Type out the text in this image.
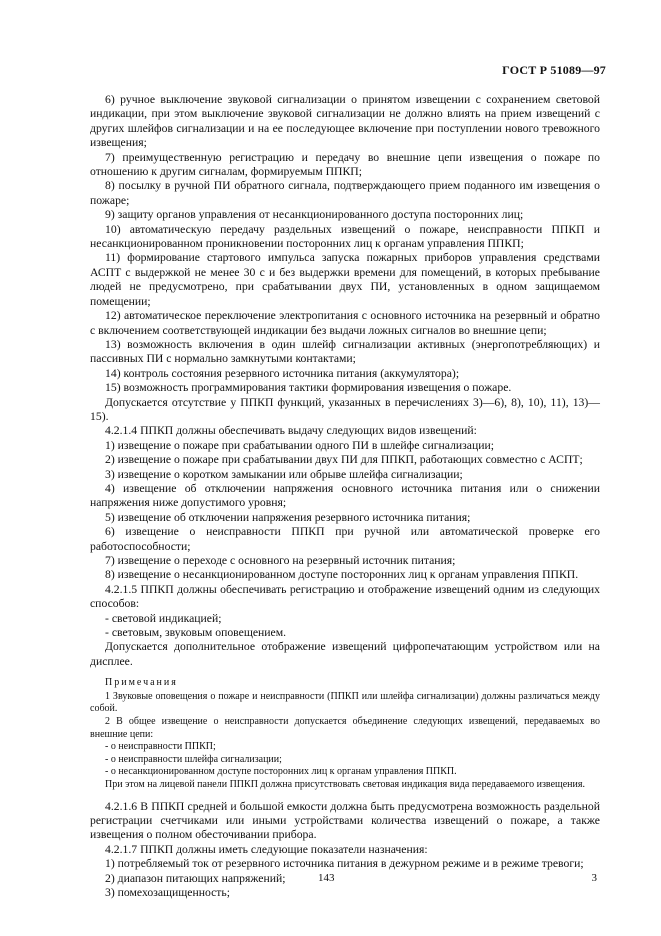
ГОСТ Р 51089—97

6) ручное выключение звуковой сигнализации о принятом извещении с сохранением световой индикации, при этом выключение звуковой сигнализации не должно влиять на прием извещений с других шлейфов сигнализации и на ее последующее включение при поступлении нового тревожного извещения;

7) преимущественную регистрацию и передачу во внешние цепи извещения о пожаре по отношению к другим сигналам, формируемым ППКП;

8) посылку в ручной ПИ обратного сигнала, подтверждающего прием поданного им извещения о пожаре;

9) защиту органов управления от несанкционированного доступа посторонних лиц;

10) автоматическую передачу раздельных извещений о пожаре, неисправности ППКП и несанкционированном проникновении посторонних лиц к органам управления ППКП;

11) формирование стартового импульса запуска пожарных приборов управления средствами АСПТ с выдержкой не менее 30 с и без выдержки времени для помещений, в которых пребывание людей не предусмотрено, при срабатывании двух ПИ, установленных в одном защищаемом помещении;

12) автоматическое переключение электропитания с основного источника на резервный и обратно с включением соответствующей индикации без выдачи ложных сигналов во внешние цепи;

13) возможность включения в один шлейф сигнализации активных (энергопотребляющих) и пассивных ПИ с нормально замкнутыми контактами;

14) контроль состояния резервного источника питания (аккумулятора);

15) возможность программирования тактики формирования извещения о пожаре.

Допускается отсутствие у ППКП функций, указанных в перечислениях 3)—6), 8), 10), 11), 13)—15).

4.2.1.4 ППКП должны обеспечивать выдачу следующих видов извещений:

1) извещение о пожаре при срабатывании одного ПИ в шлейфе сигнализации;

2) извещение о пожаре при срабатывании двух ПИ для ППКП, работающих совместно с АСПТ;

3) извещение о коротком замыкании или обрыве шлейфа сигнализации;

4) извещение об отключении напряжения основного источника питания или о снижении напряжения ниже допустимого уровня;

5) извещение об отключении напряжения резервного источника питания;

6) извещение о неисправности ППКП при ручной или автоматической проверке его работоспособности;

7) извещение о переходе с основного на резервный источник питания;

8) извещение о несанкционированном доступе посторонних лиц к органам управления ППКП.

4.2.1.5 ППКП должны обеспечивать регистрацию и отображение извещений одним из следующих способов:

- световой индикацией;

- световым, звуковым оповещением.

Допускается дополнительное отображение извещений цифропечатающим устройством или на дисплее.

Примечания

1 Звуковые оповещения о пожаре и неисправности (ППКП или шлейфа сигнализации) должны различаться между собой.

2 В общее извещение о неисправности допускается объединение следующих извещений, передаваемых во внешние цепи:

- о неисправности ППКП;

- о неисправности шлейфа сигнализации;

- о несанкционированном доступе посторонних лиц к органам управления ППКП.

При этом на лицевой панели ППКП должна присутствовать световая индикация вида передаваемого извещения.

4.2.1.6 В ППКП средней и большой емкости должна быть предусмотрена возможность раздельной регистрации счетчиками или иными устройствами количества извещений о пожаре, а также извещения о полном обесточивании прибора.

4.2.1.7 ППКП должны иметь следующие показатели назначения:

1) потребляемый ток от резервного источника питания в дежурном режиме и в режиме тревоги;

2) диапазон питающих напряжений;

3) помехозащищенность;

143	3
